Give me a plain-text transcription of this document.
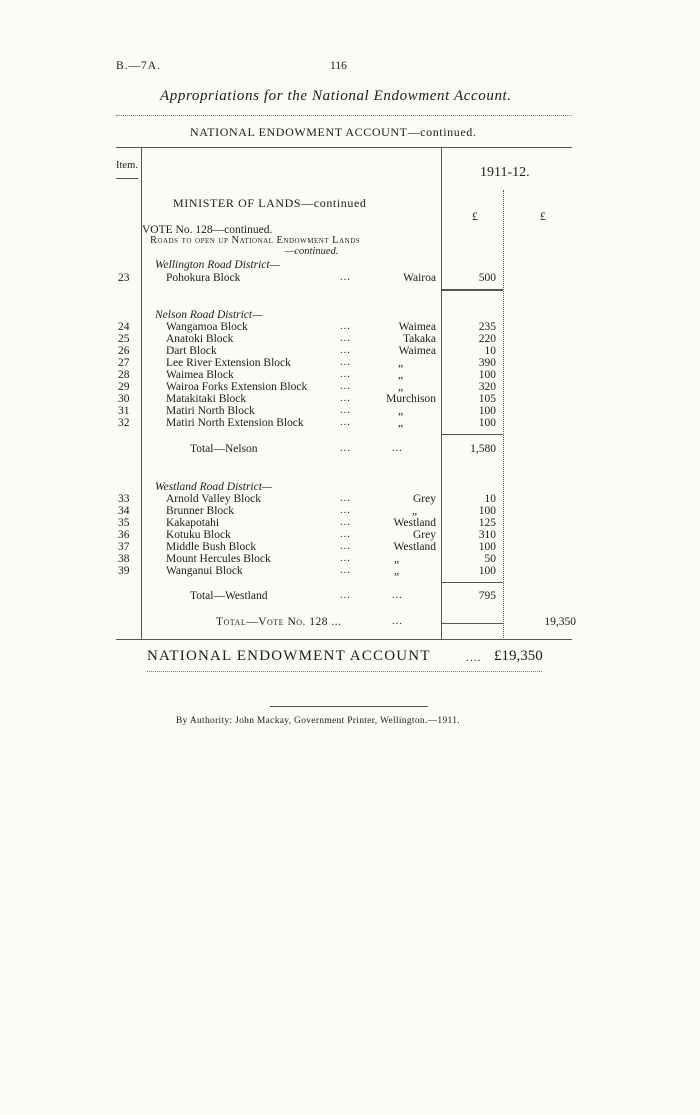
B.—7A.	116
Appropriations for the National Endowment Account.
NATIONAL ENDOWMENT ACCOUNT—continued.
Item.	1911-12.
£	£
MINISTER OF LANDS—continued
VOTE No. 128—continued.
Roads to open up National Endowment Lands
—continued.
Wellington Road District—
23	Pohokura Block	...	Wairoa	500
Nelson Road District—
24	Wangamoa Block	...	Waimea	235
25	Anatoki Block	...	Takaka	220
26	Dart Block	...	Waimea	10
27	Lee River Extension Block	...	„	390
28	Waimea Block	...	„	100
29	Wairoa Forks Extension Block	...	„	320
30	Matakitaki Block	...	Murchison	105
31	Matiri North Block	...	„	100
32	Matiri North Extension Block	...	„	100
Total—Nelson	...	...	1,580
Westland Road District—
33	Arnold Valley Block	...	Grey	10
34	Brunner Block	...	„	100
35	Kakapotahi	...	Westland	125
36	Kotuku Block	...	Grey	310
37	Middle Bush Block	...	Westland	100
38	Mount Hercules Block	...	„	50
39	Wanganui Block	...	„	100
Total—Westland	...	...	795
Total—Vote No. 128 ...	...	19,350
NATIONAL ENDOWMENT ACCOUNT	.... £19,350
By Authority: John Mackay, Government Printer, Wellington.—1911.
